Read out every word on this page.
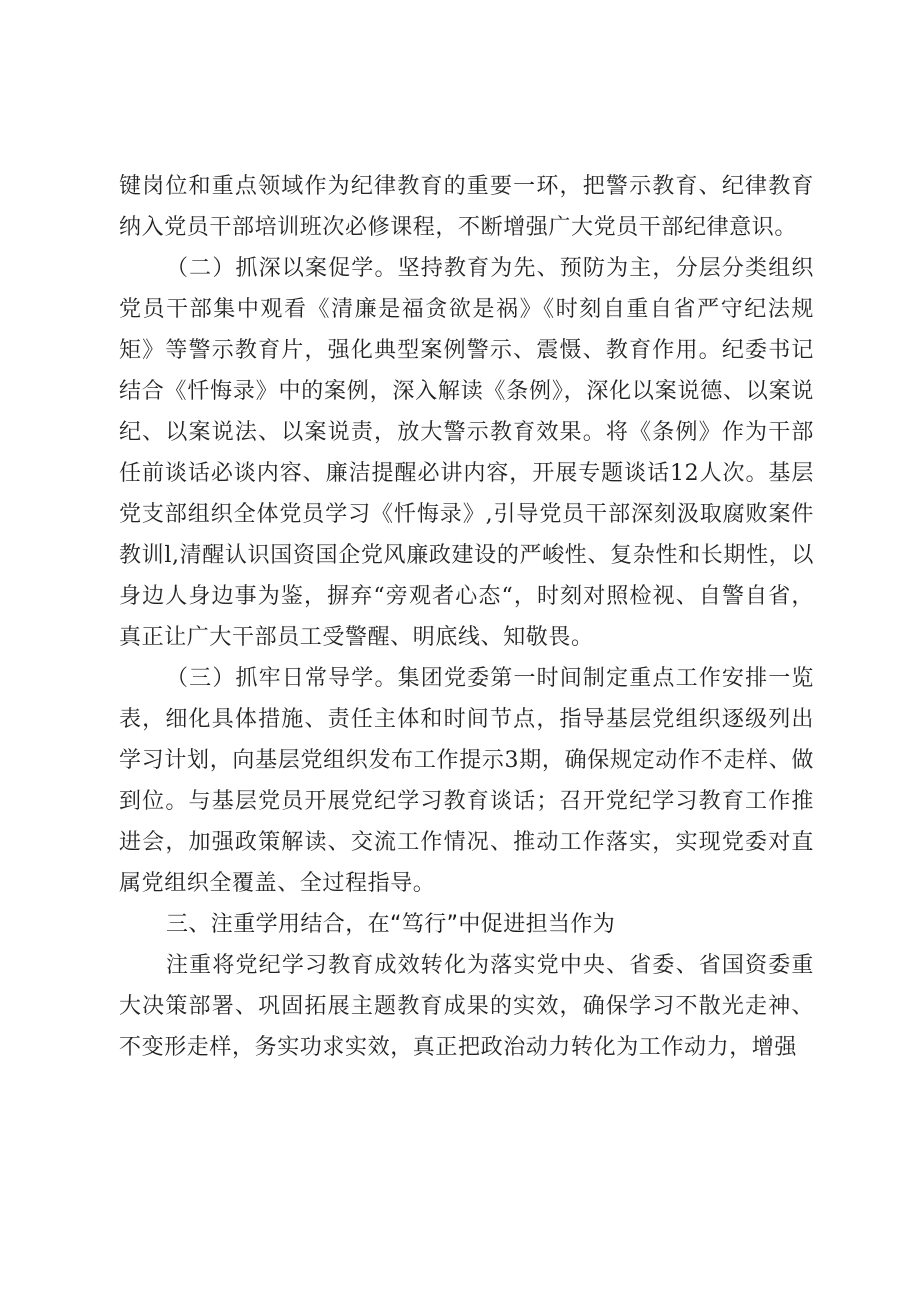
键岗位和重点领域作为纪律教育的重要一环，把警示教育、纪律教育纳入党员干部培训班次必修课程，不断增强广大党员干部纪律意识。

（二）抓深以案促学。坚持教育为先、预防为主，分层分类组织党员干部集中观看《清廉是福贪欲是祸》《时刻自重自省严守纪法规矩》等警示教育片，强化典型案例警示、震慑、教育作用。纪委书记结合《忏悔录》中的案例，深入解读《条例》，深化以案说德、以案说纪、以案说法、以案说责，放大警示教育效果。将《条例》作为干部任前谈话必谈内容、廉洁提醒必讲内容，开展专题谈话12人次。基层党支部组织全体党员学习《忏悔录》,引导党员干部深刻汲取腐败案件教训l,清醒认识国资国企党风廉政建设的严峻性、复杂性和长期性，以身边人身边事为鉴，摒弃“旁观者心态“，时刻对照检视、自警自省，真正让广大干部员工受警醒、明底线、知敬畏。

（三）抓牢日常导学。集团党委第一时间制定重点工作安排一览表，细化具体措施、责任主体和时间节点，指导基层党组织逐级列出学习计划，向基层党组织发布工作提示3期，确保规定动作不走样、做到位。与基层党员开展党纪学习教育谈话；召开党纪学习教育工作推进会，加强政策解读、交流工作情况、推动工作落实，实现党委对直属党组织全覆盖、全过程指导。

三、注重学用结合，在“笃行”中促进担当作为

注重将党纪学习教育成效转化为落实党中央、省委、省国资委重大决策部署、巩固拓展主题教育成果的实效，确保学习不散光走神、不变形走样，务实功求实效，真正把政治动力转化为工作动力，增强
